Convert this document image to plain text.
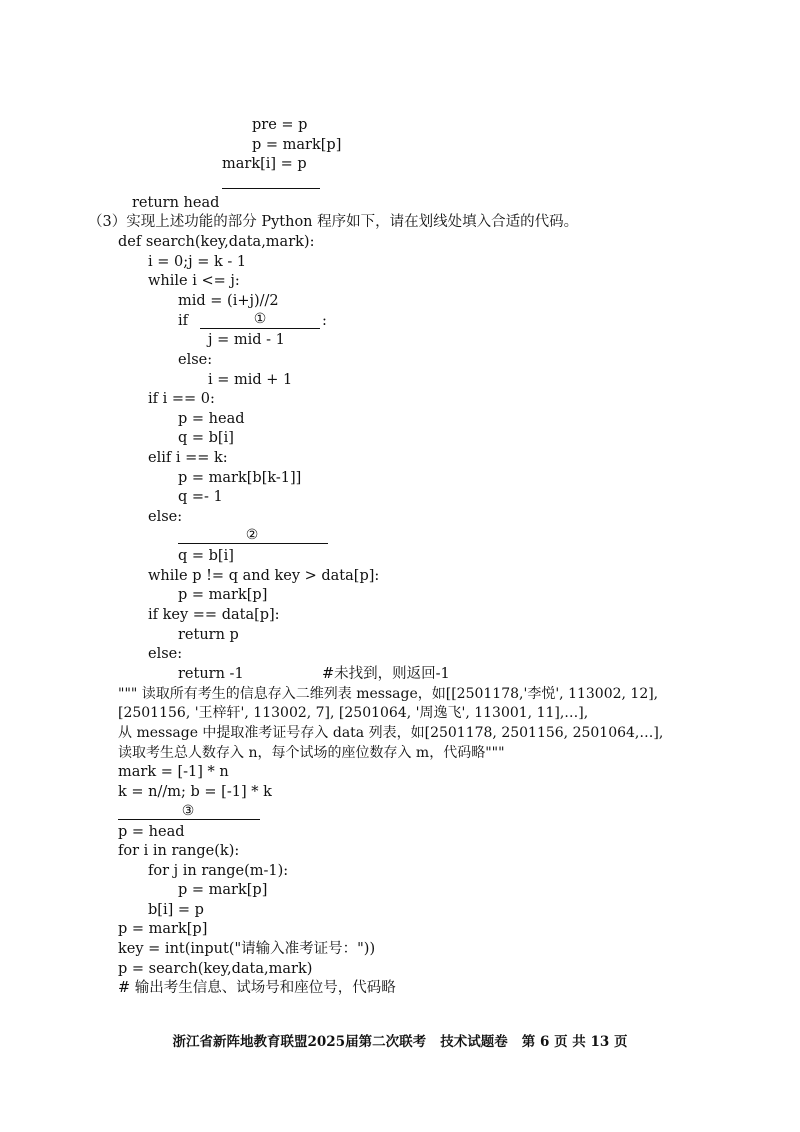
pre = p
p = mark[p]
mark[i] = p
return head
（3）实现上述功能的部分 Python 程序如下，请在划线处填入合适的代码。
def search(key,data,mark):
i = 0;j = k - 1
while i <= j:
mid = (i+j)//2
if	①	:
j = mid - 1
else:
i = mid + 1
if i == 0:
p = head
q = b[i]
elif i == k:
p = mark[b[k-1]]
q =- 1
else:
②
q = b[i]
while p != q and key > data[p]:
p = mark[p]
if key == data[p]:
return p
else:
return -1	#未找到，则返回-1
""" 读取所有考生的信息存入二维列表 message，如[[2501178,'李悦', 113002, 12],
[2501156, '王梓轩', 113002, 7], [2501064, '周逸飞', 113001, 11],…],
从 message 中提取准考证号存入 data 列表，如[2501178, 2501156, 2501064,…],
读取考生总人数存入 n，每个试场的座位数存入 m，代码略"""
mark = [-1] * n
k = n//m; b = [-1] * k
③
p = head
for i in range(k):
for j in range(m-1):
p = mark[p]
b[i] = p
p = mark[p]
key = int(input("请输入准考证号："))
p = search(key,data,mark)
# 输出考生信息、试场号和座位号，代码略
浙江省新阵地教育联盟2025届第二次联考   技术试题卷   第 6 页 共 13 页
